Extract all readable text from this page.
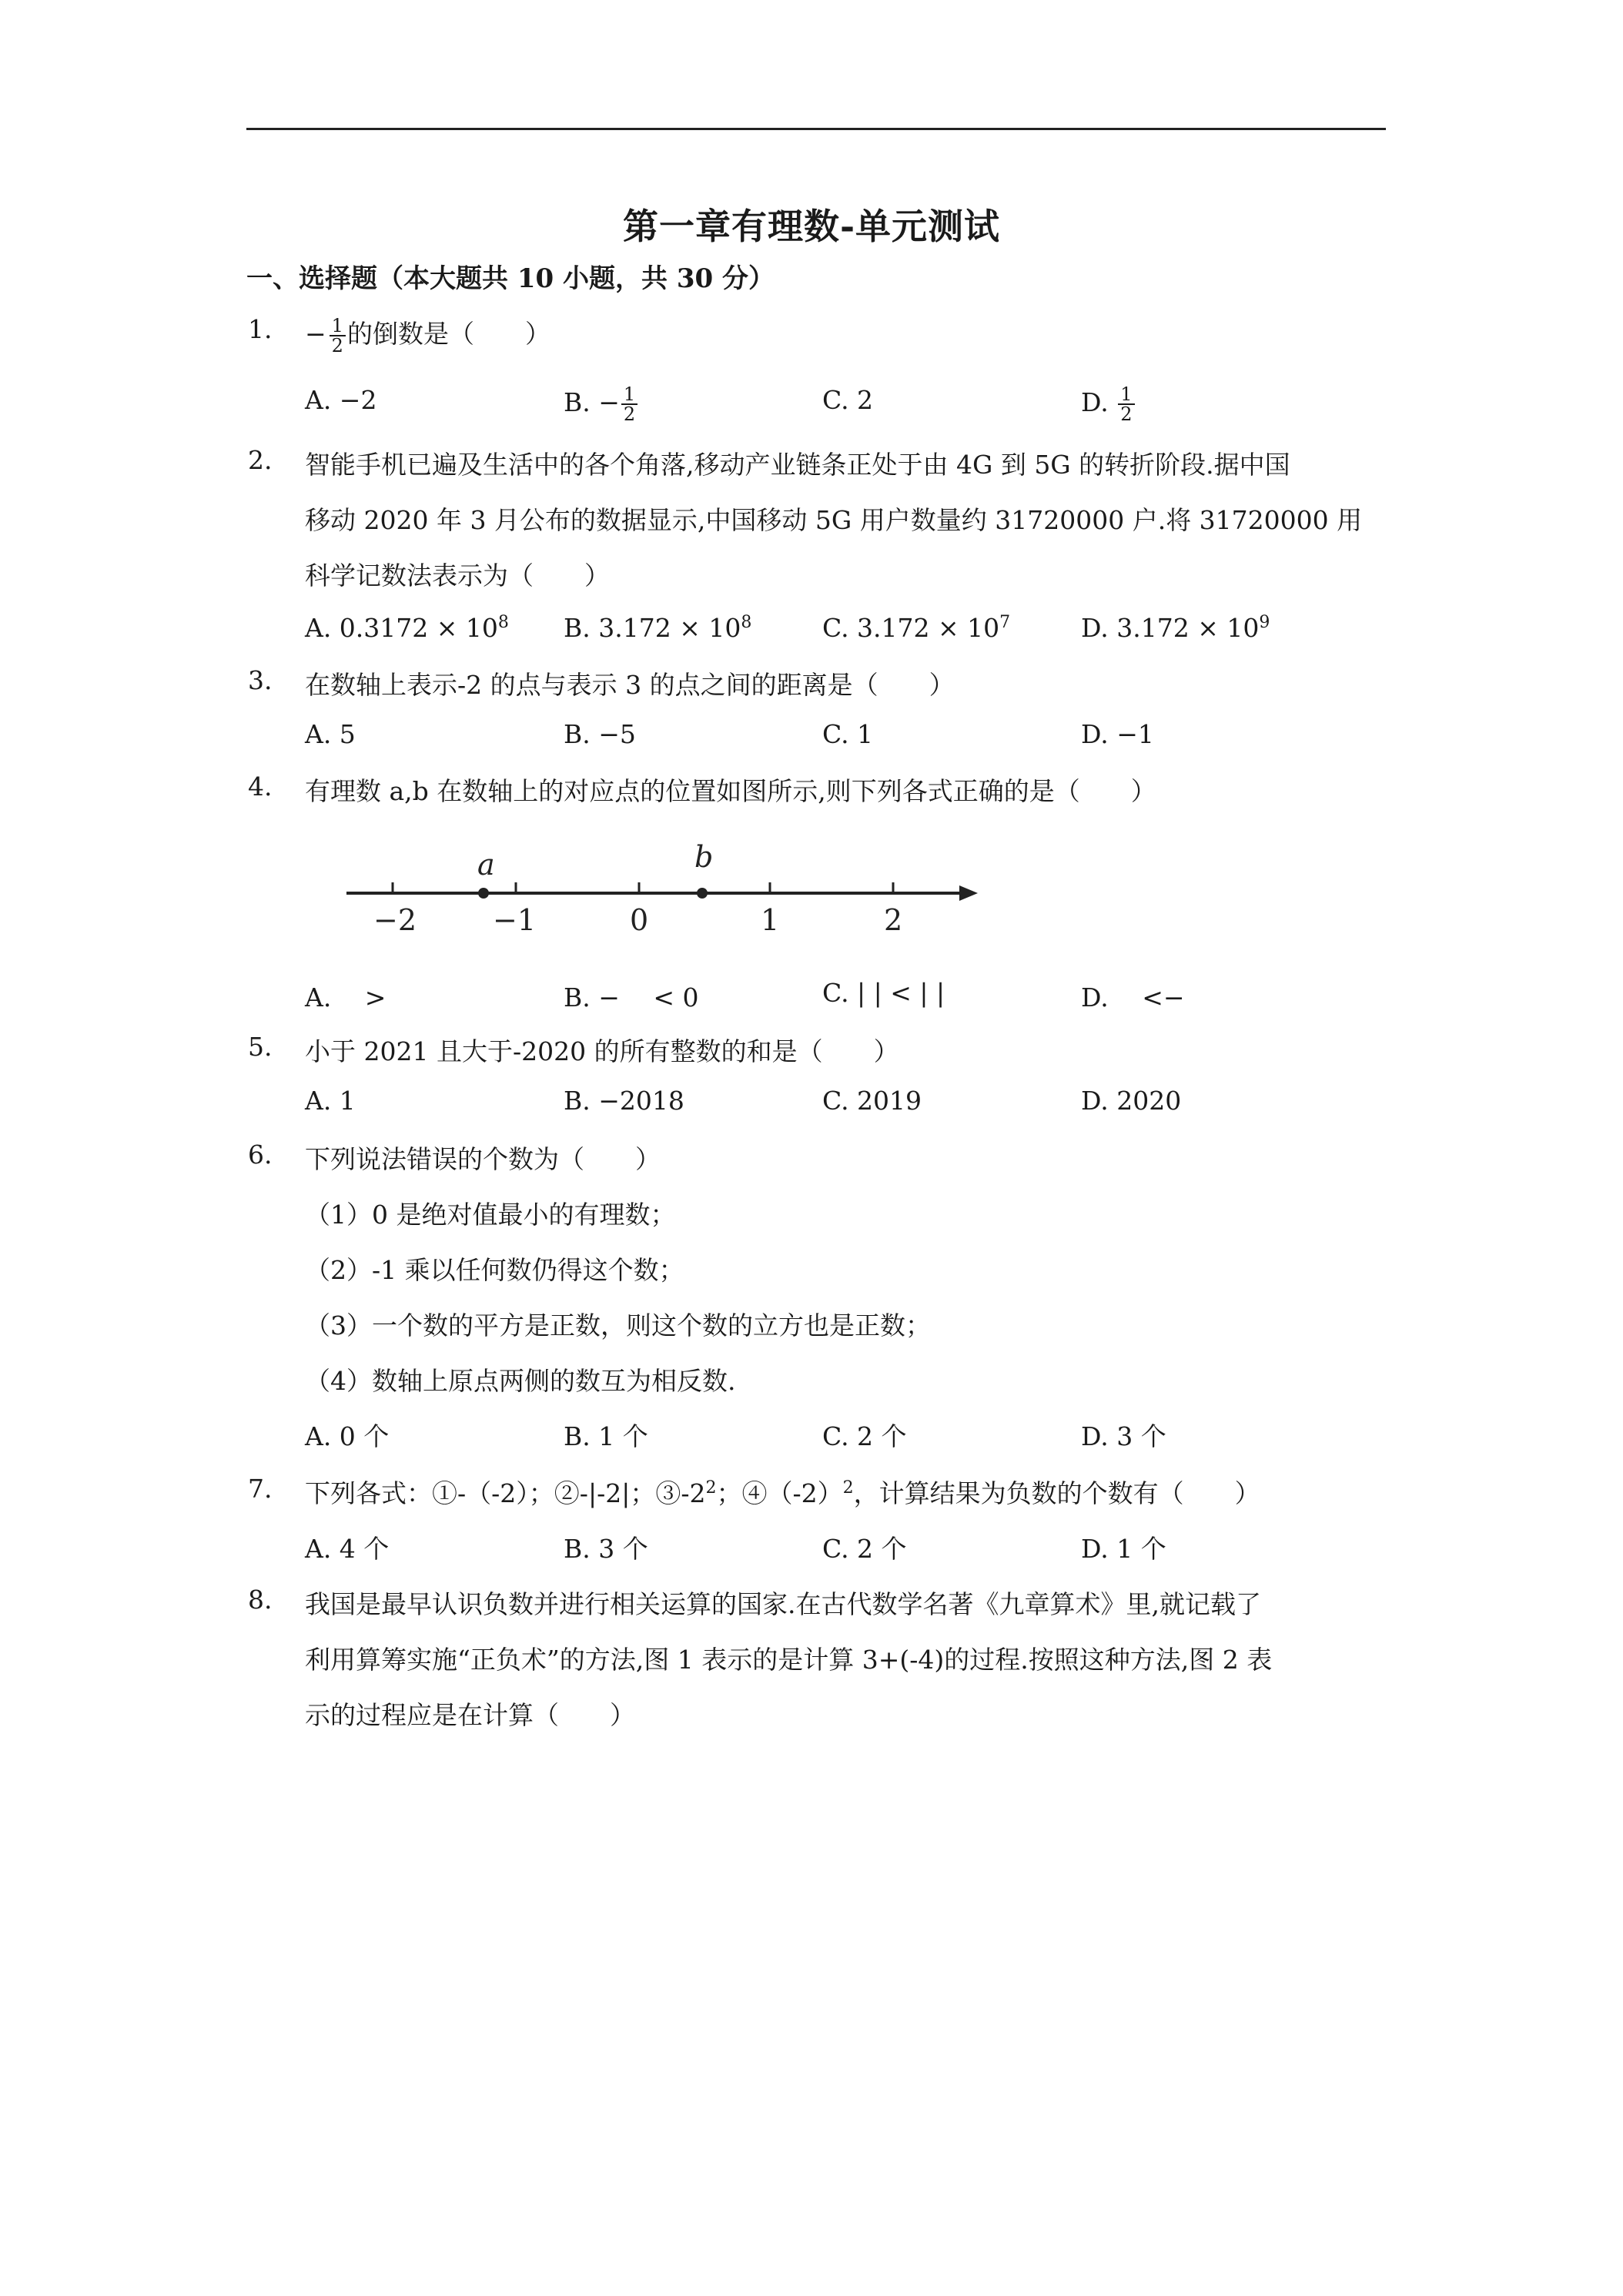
第一章有理数-单元测试
一、选择题（本大题共 10 小题，共 30 分）
1. − $\frac{1}{2}$ 的倒数是（　　）
A. −2	B. − $\frac{1}{2}$	C. 2	D. $\frac{1}{2}$
2. 智能手机已遍及生活中的各个角落,移动产业链条正处于由 4G 到 5G 的转折阶段.据中国
移动 2020 年 3 月公布的数据显示,中国移动 5G 用户数量约 31720000 户.将 31720000 用
科学记数法表示为（　　）
A. $0.3172 \times 10^8$ B. $3.172 \times 10^8$	C. $3.172 \times 10^7$	D. $3.172 \times 10^9$
3. 在数轴上表示-2 的点与表示 3 的点之间的距离是（　　）
A. 5	B. −5	C. 1	D. −1
4. 有理数 a,b 在数轴上的对应点的位置如图所示,则下列各式正确的是（　　）
a	b
−2	−1	0	1	2
A.　 >	B. −　 < 0	C. | | < | |	D.　 <−
5. 小于 2021 且大于-2020 的所有整数的和是（　　）
A. 1	B. −2018	C. 2019	D. 2020
6. 下列说法错误的个数为（　　）
（1）0 是绝对值最小的有理数；
（2）-1 乘以任何数仍得这个数；
（3）一个数的平方是正数，则这个数的立方也是正数；
（4）数轴上原点两侧的数互为相反数.
A. 0 个	B. 1 个	C. 2 个	D. 3 个
7. 下列各式：①-（-2）；②-|-2|；$③-2^2$；$④(-2)^2$，计算结果为负数的个数有（　　）
A. 4 个	B. 3 个	C. 2 个	D. 1 个
8. 我国是最早认识负数并进行相关运算的国家.在古代数学名著《九章算术》里,就记载了
利用算筹实施“正负术”的方法,图 1 表示的是计算 3+(-4)的过程.按照这种方法,图 2 表
示的过程应是在计算（　　）
